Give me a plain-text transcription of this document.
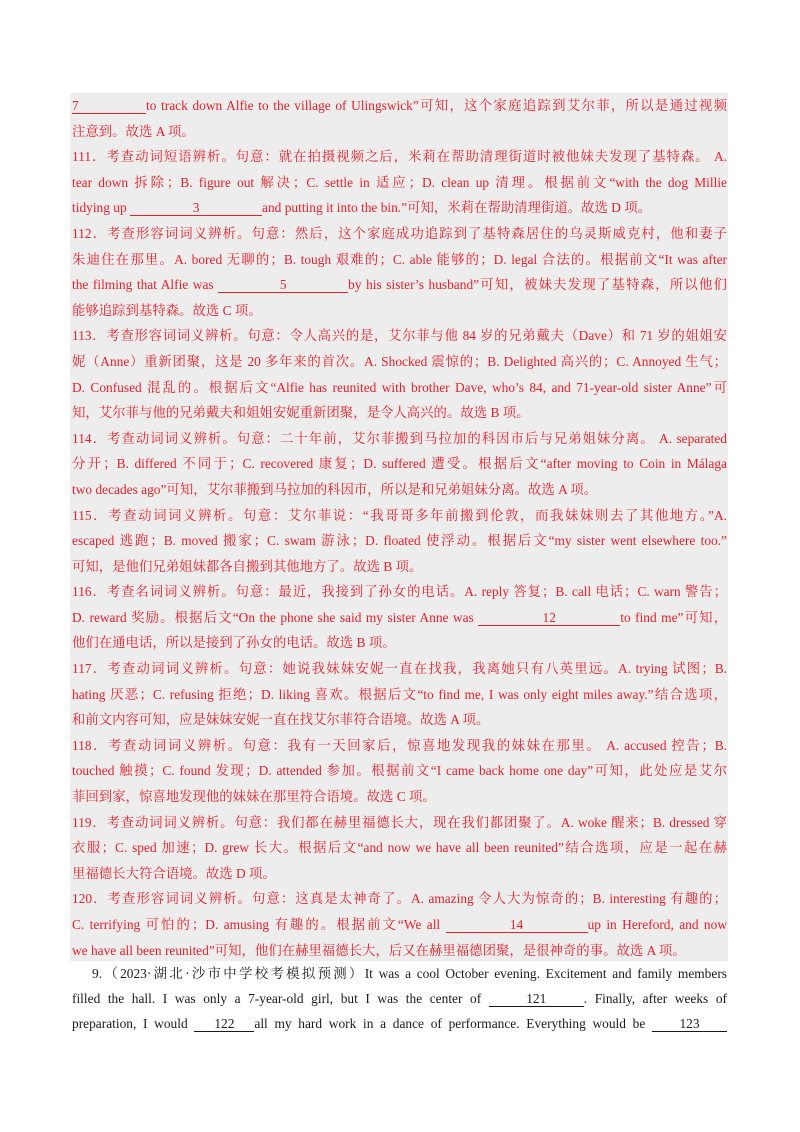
7	to track down Alfie to the village of Ulingswick”可知，这个家庭追踪到艾尔菲，所以是通过视频
注意到。故选 A 项。
111．考查动词短语辨析。句意：就在拍摄视频之后，米莉在帮助清理街道时被他妹夫发现了基特森。 A.
tear down 拆除；B. figure out 解决；C. settle in 适应；D. clean up 清理。根据前文“with the dog Millie
tidying up	3	and putting it into the bin.”可知，米莉在帮助清理街道。故选 D 项。
112．考查形容词词义辨析。句意：然后，这个家庭成功追踪到了基特森居住的乌灵斯威克村，他和妻子
朱迪住在那里。A. bored 无聊的；B. tough 艰难的；C. able 能够的；D. legal 合法的。根据前文“It was after
the filming that Alfie was	5	by his sister’s husband”可知，被妹夫发现了基特森，所以他们
能够追踪到基特森。故选 C 项。
113．考查形容词词义辨析。句意：令人高兴的是，艾尔菲与他 84 岁的兄弟戴夫（Dave）和 71 岁的姐姐安
妮（Anne）重新团聚，这是 20 多年来的首次。A. Shocked 震惊的；B. Delighted 高兴的；C. Annoyed 生气；
D. Confused 混乱的。根据后文“Alfie has reunited with brother Dave, who’s 84, and 71-year-old sister Anne”可
知，艾尔菲与他的兄弟戴夫和姐姐安妮重新团聚，是令人高兴的。故选 B 项。
114．考查动词词义辨析。句意：二十年前，艾尔菲搬到马拉加的科因市后与兄弟姐妹分离。 A. separated
分开；B. differed 不同于；C. recovered 康复；D. suffered 遭受。根据后文“after moving to Coin in Málaga
two decades ago”可知，艾尔菲搬到马拉加的科因市，所以是和兄弟姐妹分离。故选 A 项。
115．考查动词词义辨析。句意：艾尔菲说：“我哥哥多年前搬到伦敦，而我妹妹则去了其他地方。”A.
escaped 逃跑；B. moved 搬家；C. swam 游泳；D. floated 使浮动。根据后文“my sister went elsewhere too.”
可知，是他们兄弟姐妹都各自搬到其他地方了。故选 B 项。
116．考查名词词义辨析。句意：最近，我接到了孙女的电话。A. reply 答复；B. call 电话；C. warn 警告；
D. reward 奖励。根据后文“On the phone she said my sister Anne was	12	to find me”可知，
他们在通电话，所以是接到了孙女的电话。故选 B 项。
117．考查动词词义辨析。句意：她说我妹妹安妮一直在找我，我离她只有八英里远。A. trying 试图；B.
hating 厌恶；C. refusing 拒绝；D. liking 喜欢。根据后文“to find me, I was only eight miles away.”结合选项，
和前文内容可知，应是妹妹安妮一直在找艾尔菲符合语境。故选 A 项。
118．考查动词词义辨析。句意：我有一天回家后，惊喜地发现我的妹妹在那里。 A. accused 控告；B.
touched 触摸；C. found 发现；D. attended 参加。根据前文“I came back home one day”可知，此处应是艾尔
菲回到家，惊喜地发现他的妹妹在那里符合语境。故选 C 项。
119．考查动词词义辨析。句意：我们都在赫里福德长大，现在我们都团聚了。A. woke 醒来；B. dressed 穿
衣服；C. sped 加速；D. grew 长大。根据后文“and now we have all been reunited”结合选项，应是一起在赫
里福德长大符合语境。故选 D 项。
120．考查形容词词义辨析。句意：这真是太神奇了。A. amazing 令人大为惊奇的；B. interesting 有趣的；
C. terrifying 可怕的；D. amusing 有趣的。根据前文“We all	14	up in Hereford, and now
we have all been reunited”可知，他们在赫里福德长大，后又在赫里福德团聚，是很神奇的事。故选 A 项。
9.（2023·湖北·沙市中学校考模拟预测）It was a cool October evening. Excitement and family members
filled the hall. I was only a 7-year-old girl, but I was the center of	121	. Finally, after weeks of
preparation, I would 122 all my hard work in a dance of performance. Everything would be	123
